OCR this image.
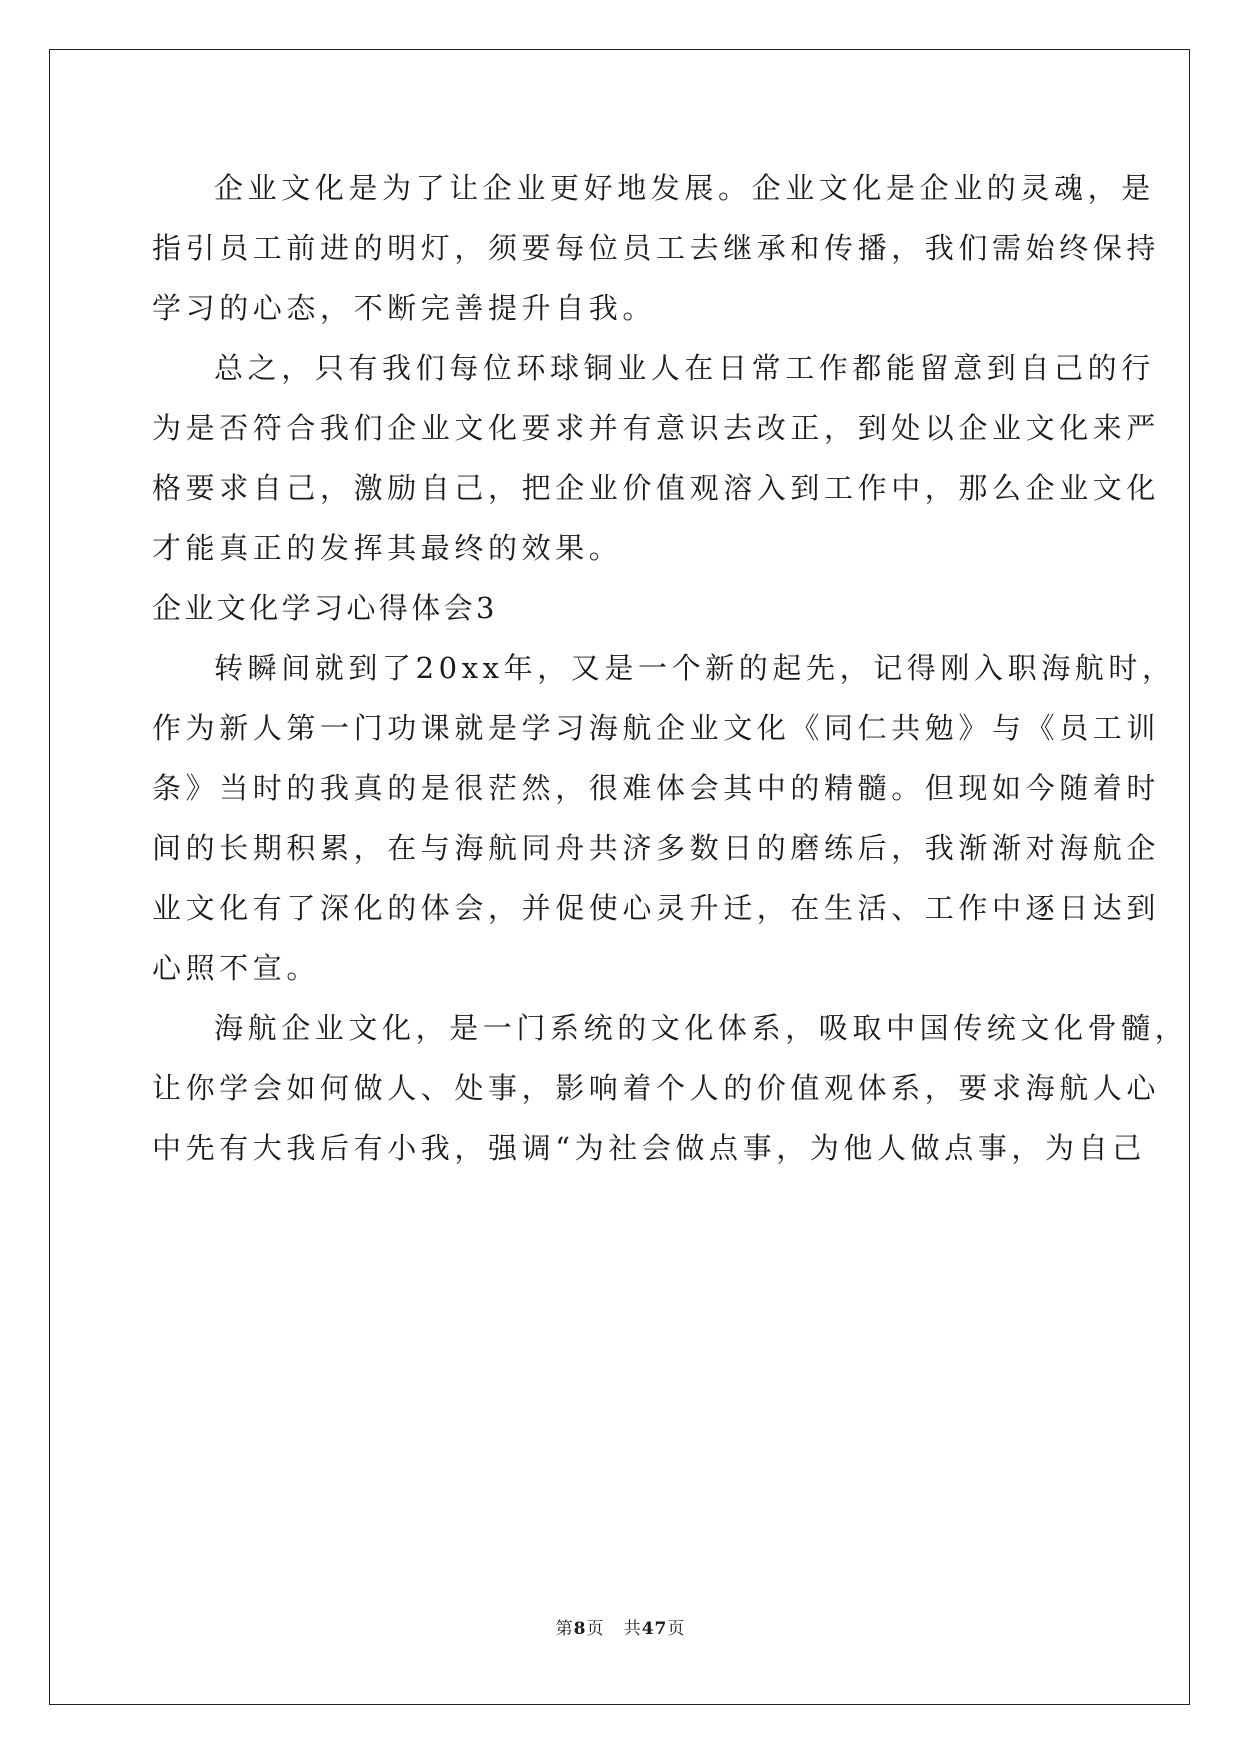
企业文化是为了让企业更好地发展。企业文化是企业的灵魂，是
指引员工前进的明灯，须要每位员工去继承和传播，我们需始终保持
学习的心态，不断完善提升自我。
总之，只有我们每位环球铜业人在日常工作都能留意到自己的行
为是否符合我们企业文化要求并有意识去改正，到处以企业文化来严
格要求自己，激励自己，把企业价值观溶入到工作中，那么企业文化
才能真正的发挥其最终的效果。
企业文化学习心得体会3
转瞬间就到了20xx年，又是一个新的起先，记得刚入职海航时，
作为新人第一门功课就是学习海航企业文化《同仁共勉》与《员工训
条》当时的我真的是很茫然，很难体会其中的精髓。但现如今随着时
间的长期积累，在与海航同舟共济多数日的磨练后，我渐渐对海航企
业文化有了深化的体会，并促使心灵升迁，在生活、工作中逐日达到
心照不宣。
海航企业文化，是一门系统的文化体系，吸取中国传统文化骨髓，
让你学会如何做人、处事，影响着个人的价值观体系，要求海航人心
中先有大我后有小我，强调“为社会做点事，为他人做点事，为自己
第8页 共47页
